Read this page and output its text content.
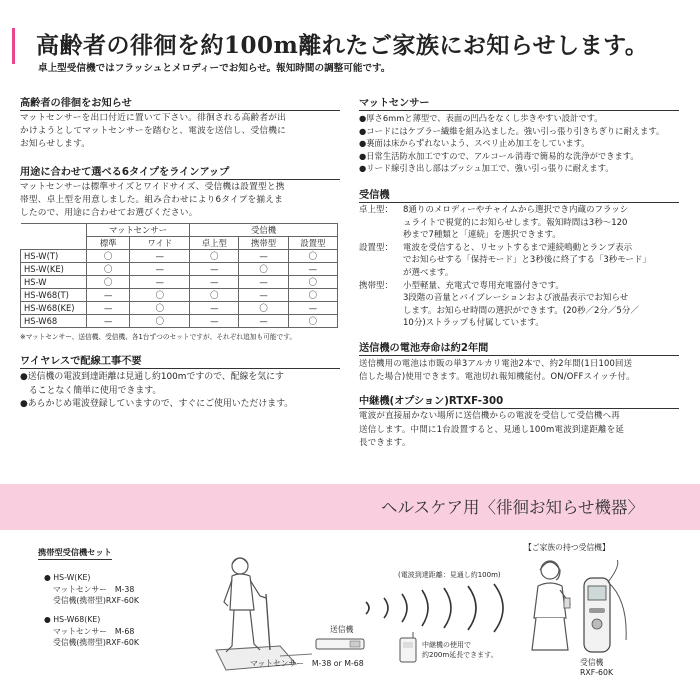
高齢者の徘徊を約100m離れたご家族にお知らせします。
卓上型受信機ではフラッシュとメロディーでお知らせ。報知時間の調整可能です。
高齢者の徘徊をお知らせ
マットセンサーを出口付近に置いて下さい。徘徊される高齢者が出
かけようとしてマットセンサーを踏むと、電波を送信し、受信機に
お知らせします。
用途に合わせて選べる6タイプをラインアップ
マットセンサーは標準サイズとワイドサイズ、受信機は設置型と携
帯型、卓上型を用意しました。組み合わせにより6タイプを揃えま
したので、用途に合わせてお選びください。
	マットセンサー		受信機		
	標準	ワイド	卓上型	携帯型	設置型
HS-W(T)	〇	—	〇	—	〇
HS-W(KE)	〇	—	—	〇	—
HS-W	〇	—	—	—	〇
HS-W68(T)	—	〇	〇	—	〇
HS-W68(KE)	—	〇	—	〇	—
HS-W68	—	〇	—	—	〇
※マットセンサー、送信機、受信機、各1台ずつのセットですが、それぞれ追加も可能です。
ワイヤレスで配線工事不要
●送信機の電波到達距離は見通し約100mですので、配線を気にす
　ることなく簡単に使用できます。
●あらかじめ電波登録していますので、すぐにご使用いただけます。
マットセンサー
●厚さ6mmと薄型で、表面の凹凸をなくし歩きやすい設計です。
●コードにはケブラー繊維を組み込ました。強い引っ張り引きちぎりに耐えます。
●裏面は床からずれないよう、スベリ止め加工をしています。
●日常生活防水加工ですので、アルコール消毒で簡易的な洗浄ができます。
●リード線引き出し部はブッシュ加工で、強い引っ張りに耐えます。
受信機
卓上型：	8通りのメロディーやチャイムから選択でき内蔵のフラッシ
ュライトで視覚的にお知らせします。報知時間は3秒～120
秒まで7種類と「連続」を選択できます。
設置型：	電波を受信すると、リセットするまで連続鳴動とランプ表示
でお知らせする「保持モード」と3秒後に終了する「3秒モード」
が選べます。
携帯型：	小型軽量、充電式で専用充電器付きです。
3段階の音量とバイブレーションおよび液晶表示でお知らせ
します。お知らせ時間の選択ができます。(20秒／2分／5分／
10分)ストラップも付属しています。
送信機の電池寿命は約2年間
送信機用の電池は市販の単3アルカリ電池2本で、約2年間(1日100回送
信した場合)使用できます。電池切れ報知機能付。ON/OFFスイッチ付。
中継機(オプション)RTXF-300
電波が直接届かない場所に送信機からの電波を受信して受信機へ再
送信します。中間に1台設置すると、見通し100m電波到達距離を延
長できます。
ヘルスケア用〈徘徊お知らせ機器〉
携帯型受信機セット
● HS-W(KE)
マットセンサー　M-38
受信機(携帯型)RXF-60K
● HS-W68(KE)
マットセンサー　M-68
受信機(携帯型)RXF-60K
送信機
マットセンサー　M-38 or M-68
(電波到達距離：見通し約100m)
中継機の使用で
約200m延長できます。
【ご家族の持つ受信機】
受信機
RXF-60K
